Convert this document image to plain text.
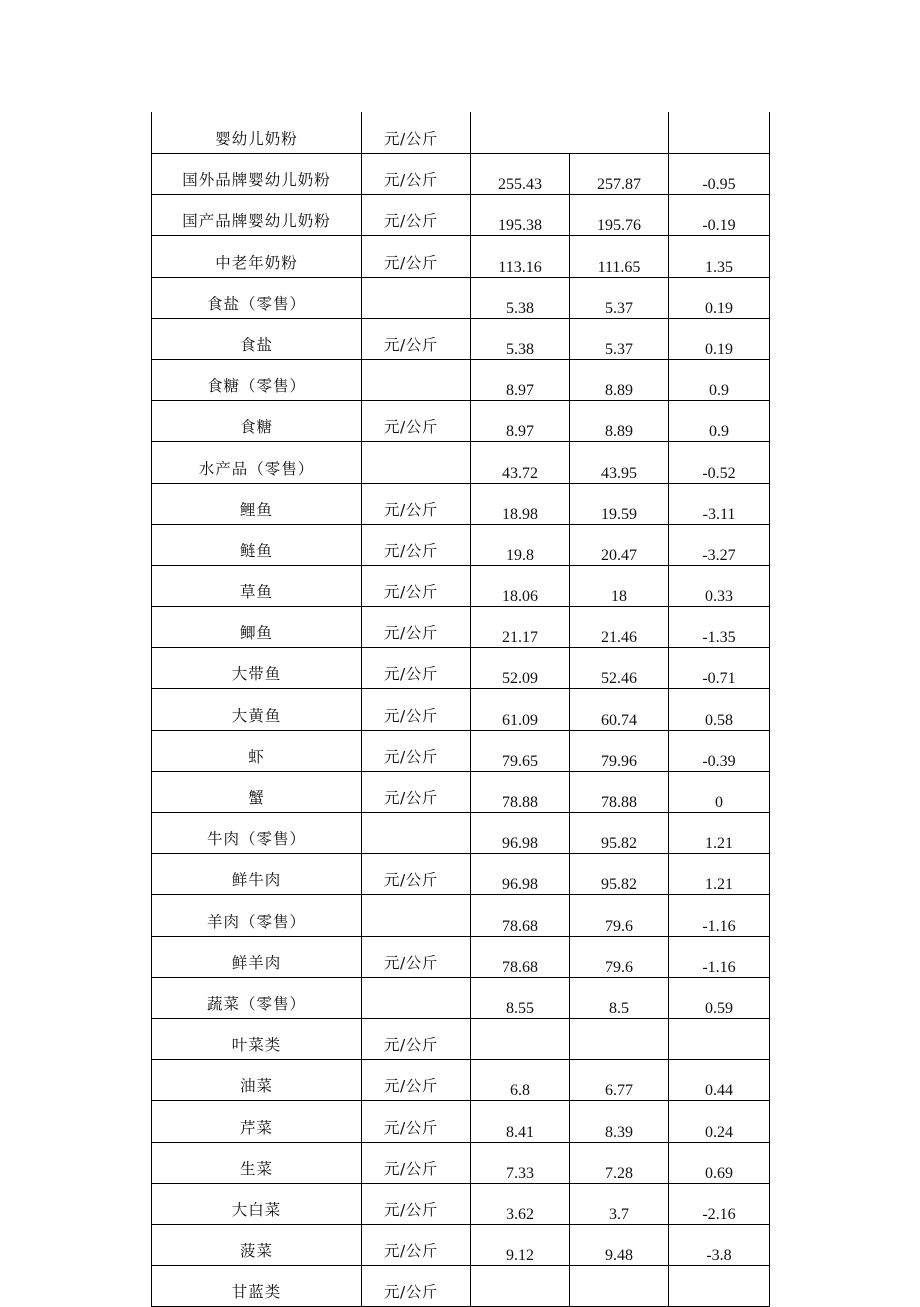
婴幼儿奶粉	元/公斤			
国外品牌婴幼儿奶粉	元/公斤	255.43	257.87	-0.95
国产品牌婴幼儿奶粉	元/公斤	195.38	195.76	-0.19
中老年奶粉	元/公斤	113.16	111.65	1.35
食盐（零售）		5.38	5.37	0.19
食盐	元/公斤	5.38	5.37	0.19
食糖（零售）		8.97	8.89	0.9
食糖	元/公斤	8.97	8.89	0.9
水产品（零售）		43.72	43.95	-0.52
鲤鱼	元/公斤	18.98	19.59	-3.11
鲢鱼	元/公斤	19.8	20.47	-3.27
草鱼	元/公斤	18.06	18	0.33
鲫鱼	元/公斤	21.17	21.46	-1.35
大带鱼	元/公斤	52.09	52.46	-0.71
大黄鱼	元/公斤	61.09	60.74	0.58
虾	元/公斤	79.65	79.96	-0.39
蟹	元/公斤	78.88	78.88	0
牛肉（零售）		96.98	95.82	1.21
鲜牛肉	元/公斤	96.98	95.82	1.21
羊肉（零售）		78.68	79.6	-1.16
鲜羊肉	元/公斤	78.68	79.6	-1.16
蔬菜（零售）		8.55	8.5	0.59
叶菜类	元/公斤			
油菜	元/公斤	6.8	6.77	0.44
芹菜	元/公斤	8.41	8.39	0.24
生菜	元/公斤	7.33	7.28	0.69
大白菜	元/公斤	3.62	3.7	-2.16
菠菜	元/公斤	9.12	9.48	-3.8
甘蓝类	元/公斤			
